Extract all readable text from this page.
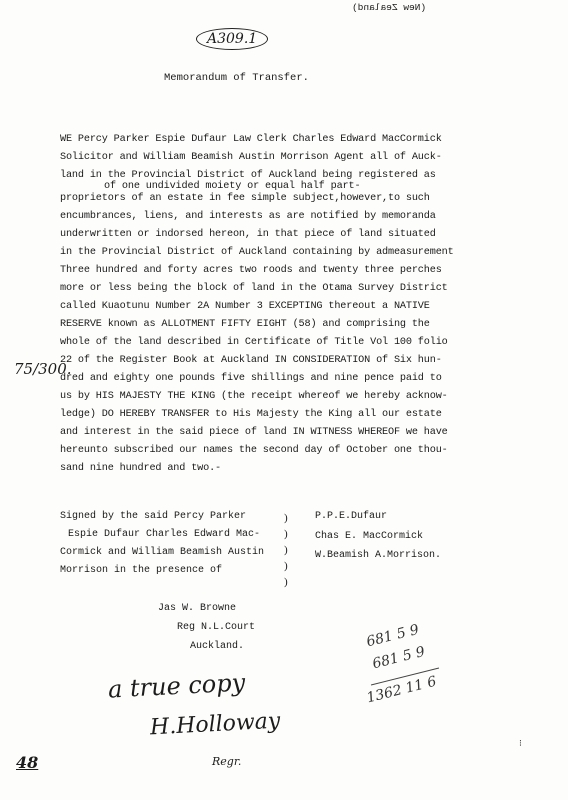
(New Zealand)
A309.1
Memorandum of Transfer.
75/300.
WE Percy Parker Espie Dufaur Law Clerk Charles Edward MacCormick
Solicitor and William Beamish Austin Morrison Agent all of Auck-
land in the Provincial District of Auckland being registered as
of one undivided moiety or equal half part-
proprietors of an estate in fee simple subject,however,to such
encumbrances, liens, and interests as are notified by memoranda
underwritten or indorsed hereon, in that piece of land situated
in the Provincial District of Auckland containing by admeasurement
Three hundred and forty acres two roods and twenty three perches
more or less being the block of land in the Otama Survey District
called Kuaotunu Number 2A Number 3 EXCEPTING thereout a NATIVE
RESERVE known as ALLOTMENT FIFTY EIGHT (58) and comprising the
whole of the land described in Certificate of Title Vol 100 folio
22 of the Register Book at Auckland IN CONSIDERATION of Six hun-
dred and eighty one pounds five shillings and nine pence paid to
us by HIS MAJESTY THE KING (the receipt whereof we hereby acknow-
ledge) DO HEREBY TRANSFER to His Majesty the King all our estate
and interest in the said piece of land IN WITNESS WHEREOF we have
hereunto subscribed our names the second day of October one thou-
sand nine hundred and two.-
Signed by the said Percy Parker
Espie Dufaur Charles Edward Mac-
Cormick and William Beamish Austin
Morrison in the presence of
)
)
)
)
)
P.P.E.Dufaur
Chas E. MacCormick
W.Beamish A.Morrison.
Jas W. Browne
Reg N.L.Court
Auckland.	681 5 9
681 5 9
1362 11 6
a true copy
H.Holloway
Regr.
48
⁝
